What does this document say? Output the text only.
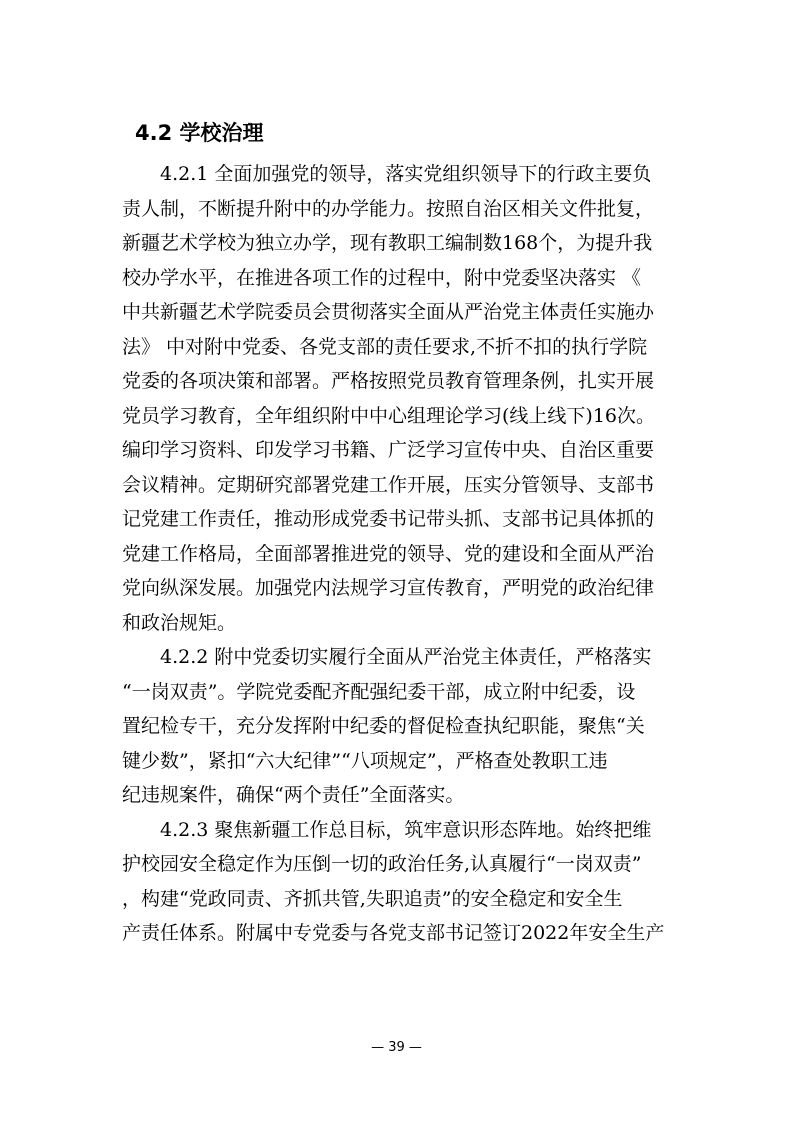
4.2 学校治理
4.2.1 全面加强党的领导，落实党组织领导下的行政主要负
责人制，不断提升附中的办学能力。按照自治区相关文件批复，
新疆艺术学校为独立办学，现有教职工编制数168个，为提升我
校办学水平，在推进各项工作的过程中，附中党委坚决落实 《
中共新疆艺术学院委员会贯彻落实全面从严治党主体责任实施办
法》 中对附中党委、各党支部的责任要求,不折不扣的执行学院
党委的各项决策和部署。严格按照党员教育管理条例，扎实开展
党员学习教育，全年组织附中中心组理论学习(线上线下)16次。
编印学习资料、印发学习书籍、广泛学习宣传中央、自治区重要
会议精神。定期研究部署党建工作开展，压实分管领导、支部书
记党建工作责任，推动形成党委书记带头抓、支部书记具体抓的
党建工作格局，全面部署推进党的领导、党的建设和全面从严治
党向纵深发展。加强党内法规学习宣传教育，严明党的政治纪律
和政治规矩。
4.2.2 附中党委切实履行全面从严治党主体责任，严格落实
“一岗双责”。学院党委配齐配强纪委干部，成立附中纪委，设
置纪检专干，充分发挥附中纪委的督促检查执纪职能，聚焦“关
键少数”，紧扣“六大纪律”“八项规定”，严格查处教职工违
纪违规案件，确保“两个责任”全面落实。
4.2.3 聚焦新疆工作总目标，筑牢意识形态阵地。始终把维
护校园安全稳定作为压倒一切的政治任务,认真履行“一岗双责”
，构建“党政同责、齐抓共管,失职追责”的安全稳定和安全生
产责任体系。附属中专党委与各党支部书记签订2022年安全生产
— 39 —
